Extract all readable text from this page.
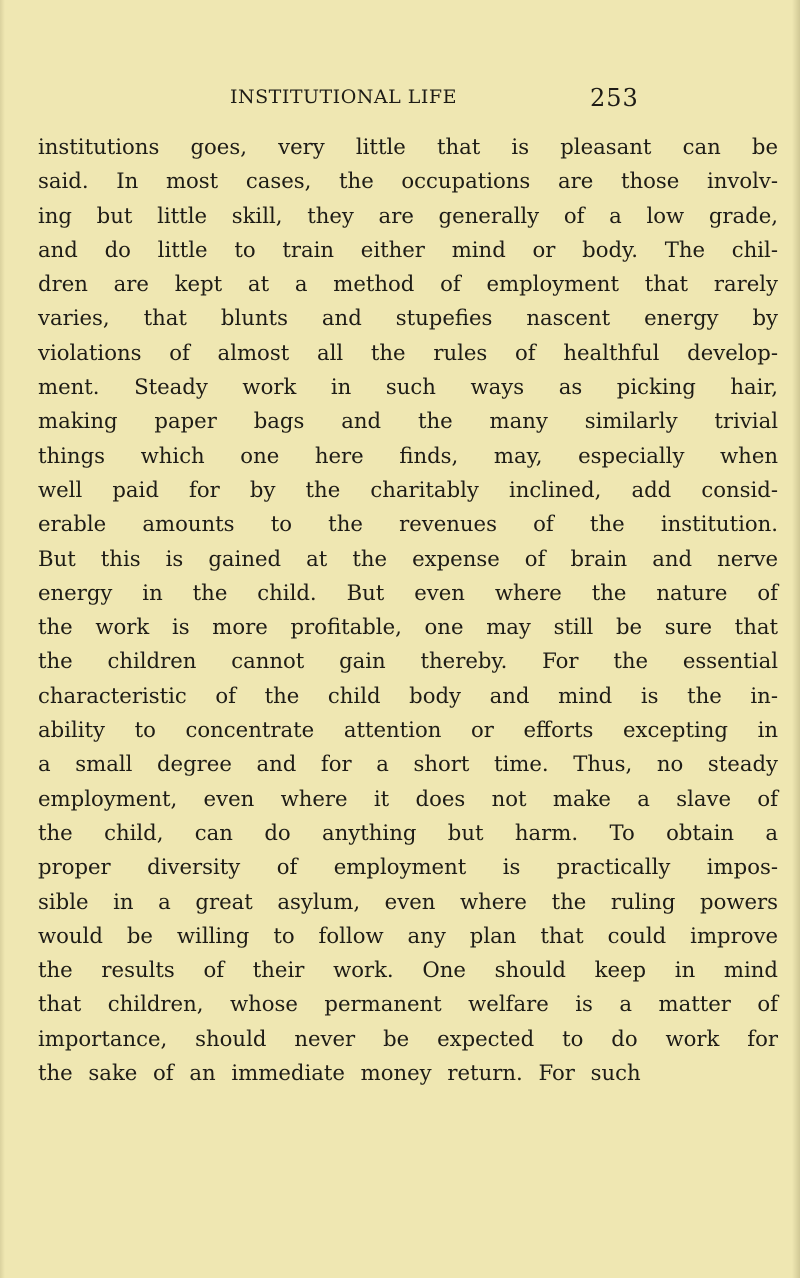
INSTITUTIONAL LIFE	253
institutions goes, very little that is pleasant can be
said. In most cases, the occupations are those involv-
ing but little skill, they are generally of a low grade,
and do little to train either mind or body. The chil-
dren are kept at a method of employment that rarely
varies, that blunts and stupefies nascent energy by
violations of almost all the rules of healthful develop-
ment. Steady work in such ways as picking hair,
making paper bags and the many similarly trivial
things which one here finds, may, especially when
well paid for by the charitably inclined, add consid-
erable amounts to the revenues of the institution.
But this is gained at the expense of brain and nerve
energy in the child. But even where the nature of
the work is more profitable, one may still be sure that
the children cannot gain thereby. For the essential
characteristic of the child body and mind is the in-
ability to concentrate attention or efforts excepting in
a small degree and for a short time. Thus, no steady
employment, even where it does not make a slave of
the child, can do anything but harm. To obtain a
proper diversity of employment is practically impos-
sible in a great asylum, even where the ruling powers
would be willing to follow any plan that could improve
the results of their work. One should keep in mind
that children, whose permanent welfare is a matter of
importance, should never be expected to do work for
the sake of an immediate money return. For such
